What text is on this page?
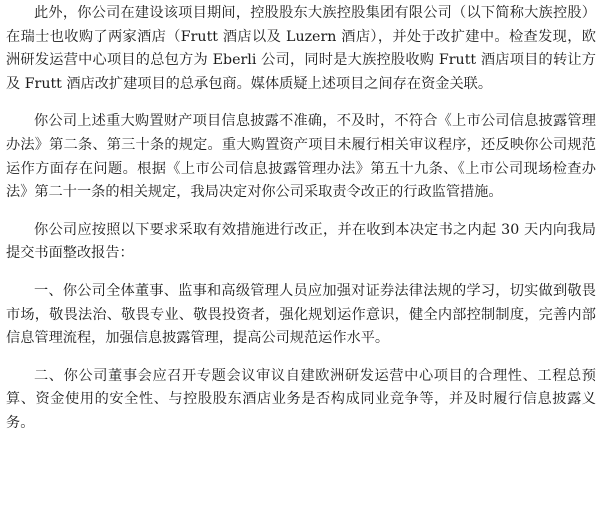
此外，你公司在建设该项目期间，控股股东大族控股集团有限公司（以下简称大族控股）在瑞士也收购了两家酒店（Frutt 酒店以及 Luzern 酒店），并处于改扩建中。检查发现，欧洲研发运营中心项目的总包方为 Eberli 公司，同时是大族控股收购 Frutt 酒店项目的转让方及 Frutt 酒店改扩建项目的总承包商。媒体质疑上述项目之间存在资金关联。

你公司上述重大购置财产项目信息披露不准确，不及时，不符合《上市公司信息披露管理办法》第二条、第三十条的规定。重大购置资产项目未履行相关审议程序，还反映你公司规范运作方面存在问题。根据《上市公司信息披露管理办法》第五十九条、《上市公司现场检查办法》第二十一条的相关规定，我局决定对你公司采取责令改正的行政监管措施。

你公司应按照以下要求采取有效措施进行改正，并在收到本决定书之内起 30 天内向我局提交书面整改报告：

一、你公司全体董事、监事和高级管理人员应加强对证券法律法规的学习，切实做到敬畏市场，敬畏法治、敬畏专业、敬畏投资者，强化规划运作意识，健全内部控制制度，完善内部信息管理流程，加强信息披露管理，提高公司规范运作水平。

二、你公司董事会应召开专题会议审议自建欧洲研发运营中心项目的合理性、工程总预算、资金使用的安全性、与控股股东酒店业务是否构成同业竞争等，并及时履行信息披露义务。
